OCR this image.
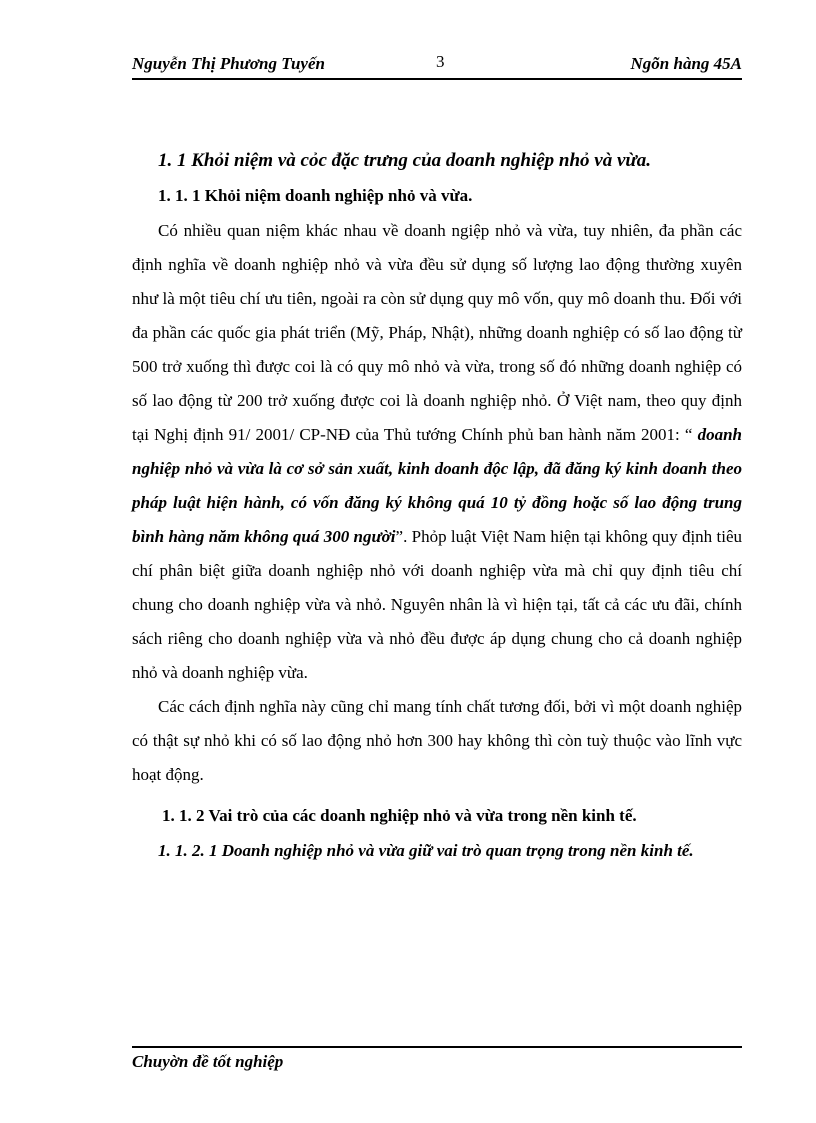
Nguyễn Thị Phương Tuyến	3	Ngõn hàng 45A
1. 1 Khỏi niệm và cỏc đặc trưng của doanh nghiệp nhỏ và vừa.
1. 1. 1 Khỏi niệm doanh nghiệp nhỏ và vừa.

Có nhiều quan niệm khác nhau về doanh ngiệp nhỏ và vừa, tuy nhiên, đa phần các định nghĩa về doanh nghiệp nhỏ và vừa đều sử dụng số lượng lao động thường xuyên như là một tiêu chí ưu tiên, ngoài ra còn sử dụng quy mô vốn, quy mô doanh thu. Đối với đa phần các quốc gia phát triển (Mỹ, Pháp, Nhật), những doanh nghiệp có số lao động từ 500 trở xuống thì được coi là có quy mô nhỏ và vừa, trong số đó những doanh nghiệp có số lao động từ 200 trở xuống được coi là doanh nghiệp nhỏ. Ở Việt nam, theo quy định tại Nghị định 91/ 2001/ CP-NĐ của Thủ tướng Chính phủ ban hành năm 2001: “ doanh nghiệp nhỏ và vừa là cơ sở sản xuất, kinh doanh độc lập, đã đăng ký kinh doanh theo pháp luật hiện hành, có vốn đăng ký không quá 10 tỷ đồng hoặc số lao động trung bình hàng năm không quá 300 người”. Phỏp luật Việt Nam hiện tại không quy định tiêu chí phân biệt giữa doanh nghiệp nhỏ với doanh nghiệp vừa mà chỉ quy định tiêu chí chung cho doanh nghiệp vừa và nhỏ. Nguyên nhân là vì hiện tại, tất cả các ưu đãi, chính sách riêng cho doanh nghiệp vừa và nhỏ đều được áp dụng chung cho cả doanh nghiệp nhỏ và doanh nghiệp vừa.

Các cách định nghĩa này cũng chỉ mang tính chất tương đối, bởi vì một doanh nghiệp có thật sự nhỏ khi có số lao động nhỏ hơn 300 hay không thì còn tuỳ thuộc vào lĩnh vực hoạt động.

1. 1. 2 Vai trò của các doanh nghiệp nhỏ và vừa trong nền kinh tế.
1. 1. 2. 1 Doanh nghiệp nhỏ và vừa giữ vai trò quan trọng trong nền kinh tế.
Chuyờn đề tốt nghiệp
